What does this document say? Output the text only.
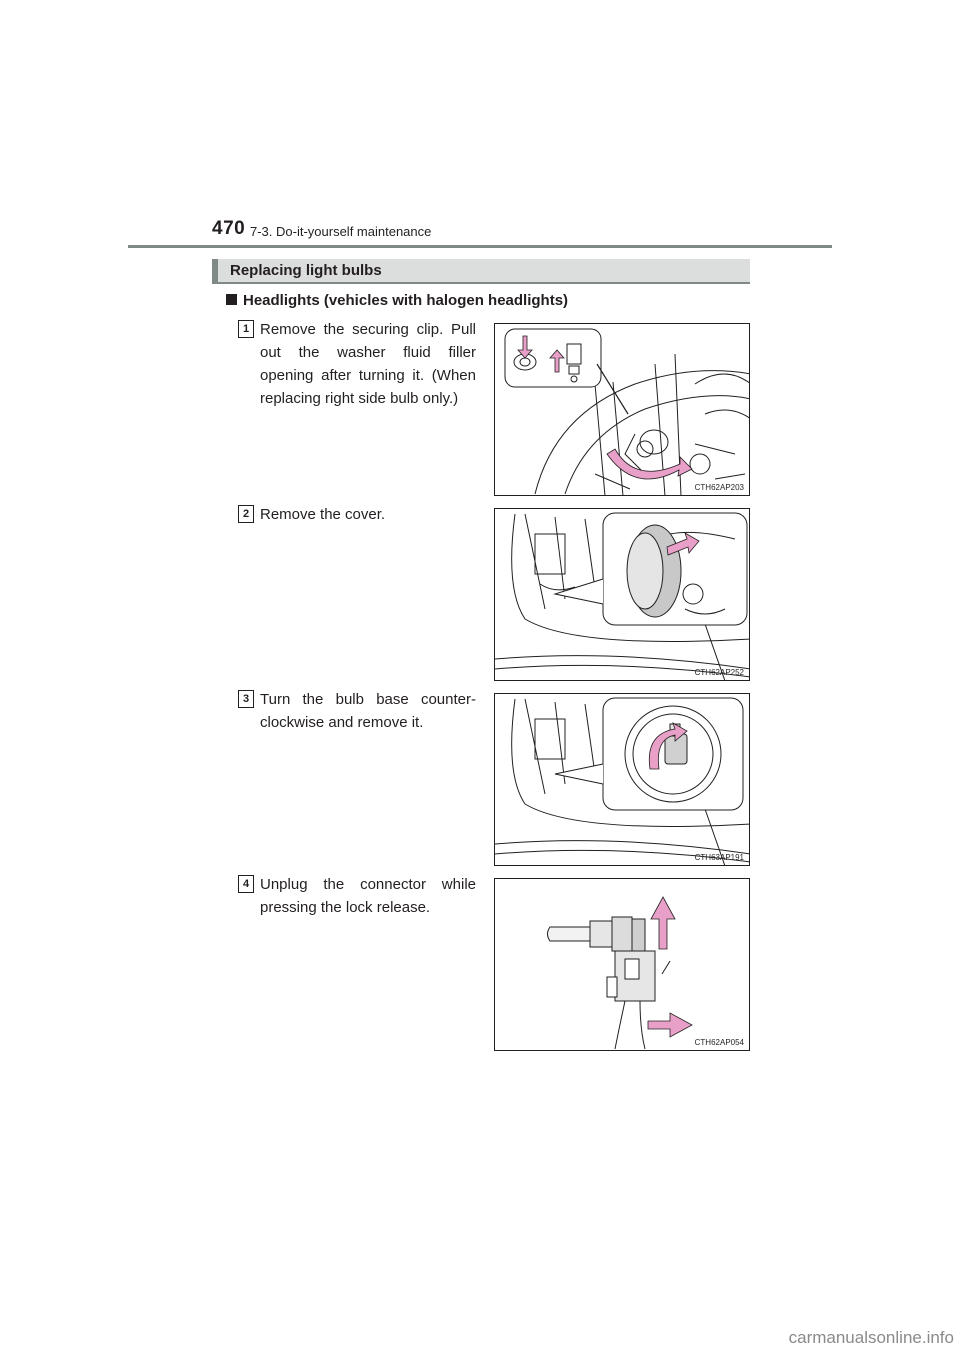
470 7-3. Do-it-yourself maintenance
Replacing light bulbs
Headlights (vehicles with halogen headlights)
1 Remove the securing clip. Pull out the washer fluid filler opening after turning it. (When replacing right side bulb only.)
CTH62AP203
2 Remove the cover.
CTH62AP252
3 Turn the bulb base counter-clockwise and remove it.
CTH63AP191
4 Unplug the connector while pressing the lock release.
CTH62AP054
carmanualsonline.info
